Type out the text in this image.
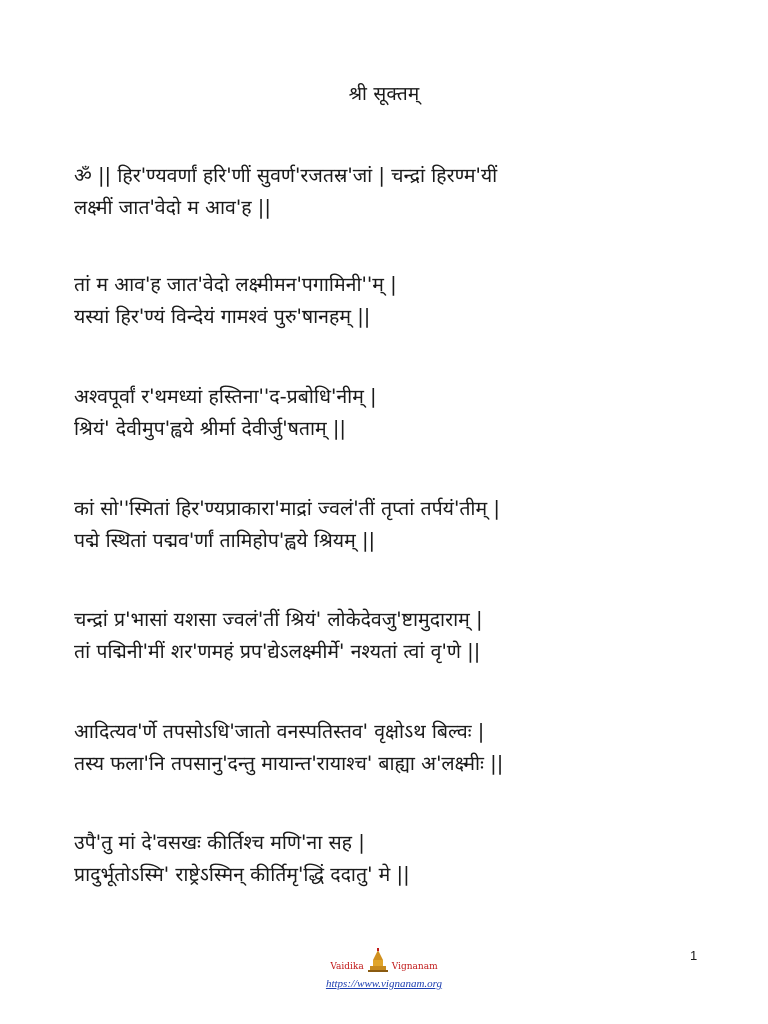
श्री सूक्तम्
ॐ || हिर'ण्यवर्णां हरि'णीं सुवर्ण'रजतस्र'जां | चन्द्रां हिरण्म'यीं
लक्ष्मीं जात'वेदो म आव'ह ||
तां म आव'ह जात'वेदो लक्ष्मीमन'पगामिनी''म् |
यस्यां हिर'ण्यं विन्देयं गामश्वं पुरु'षानहम् ||
अश्वपूर्वां र'थमध्यां हस्तिना''द-प्रबोधि'नीम् |
श्रियं' देवीमुप'ह्वये श्रीर्मा देवीर्जु'षताम् ||
कां सो''स्मितां हिर'ण्यप्राकारा'माद्रां ज्वलं'तीं तृप्तां तर्पयं'तीम् |
पद्मे स्थितां पद्मव'र्णां तामिहोप'ह्वये श्रियम् ||
चन्द्रां प्र'भासां यशसा ज्वलं'तीं श्रियं' लोकेदेवजु'ष्टामुदाराम् |
तां पद्मिनी'मीं शर'णमहं प्रप'द्येऽलक्ष्मीर्मे' नश्यतां त्वां वृ'णे ||
आदित्यव'र्णे तपसोऽधि'जातो वनस्पतिस्तव' वृक्षोऽथ बिल्वः |
तस्य फला'नि तपसानु'दन्तु मायान्त'रायाश्च' बाह्या अ'लक्ष्मीः ||
उपै'तु मां दे'वसखः कीर्तिश्च मणि'ना सह |
प्रादुर्भूतोऽस्मि' राष्ट्रेऽस्मिन् कीर्तिमृ'द्धिं ददातु' मे ||
Vaidika	Vignanam
https://www.vignanam.org
1
